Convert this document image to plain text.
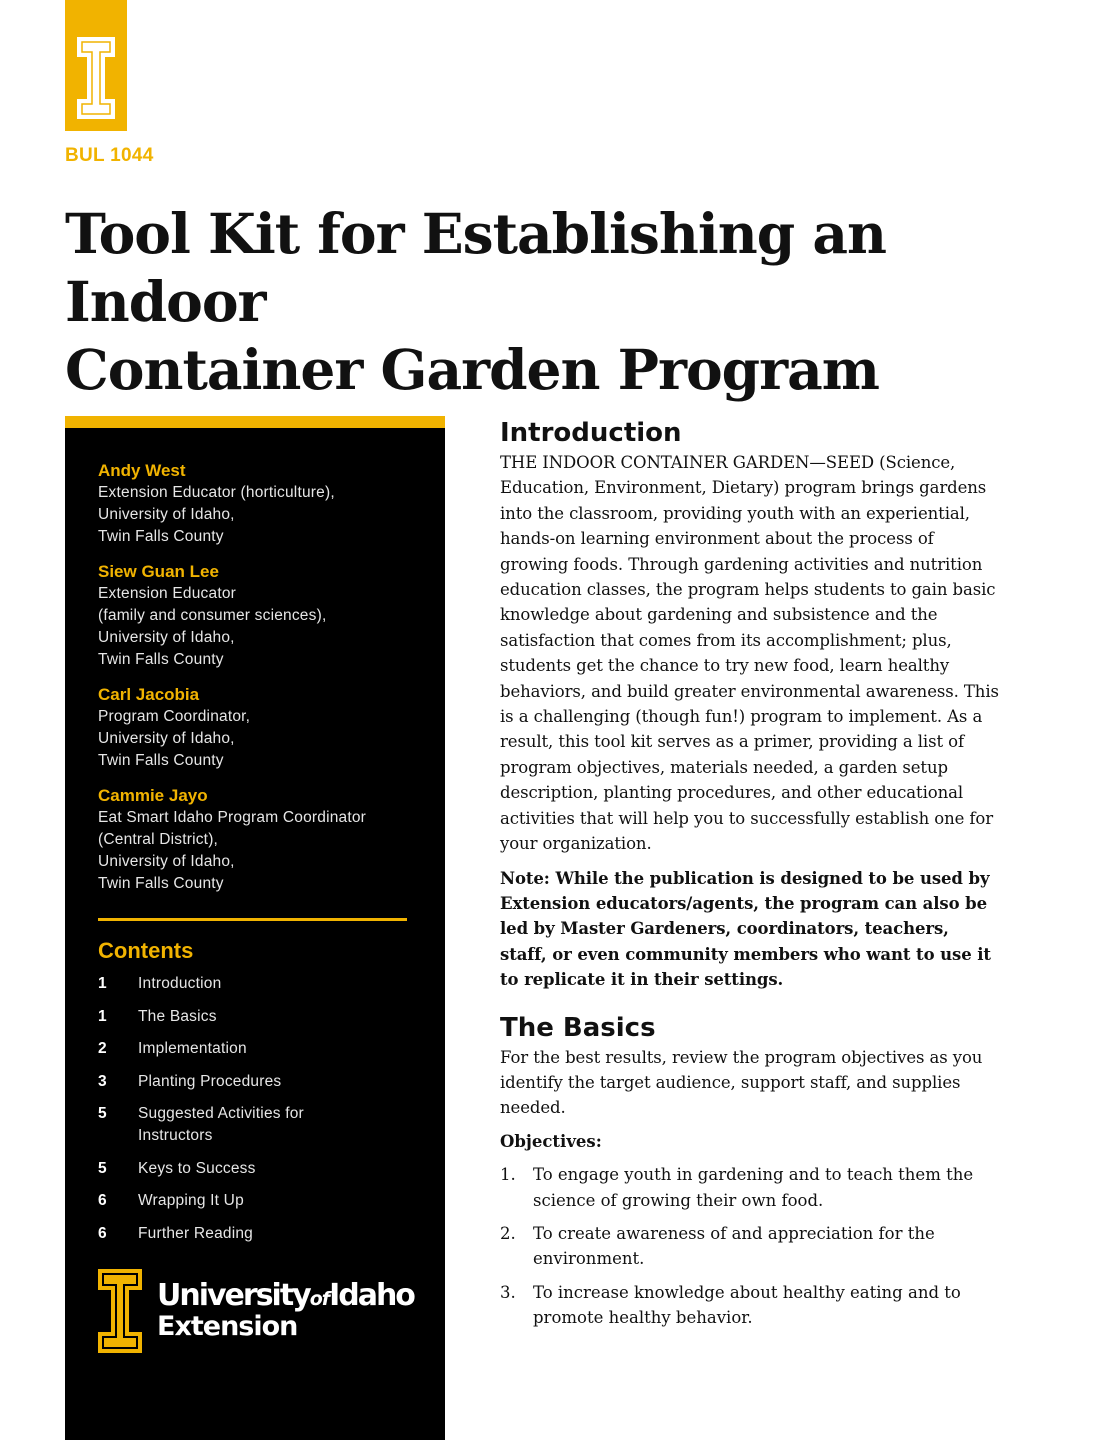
BUL 1044
Tool Kit for Establishing an Indoor
Container Garden Program
Andy West
Extension Educator (horticulture),
University of Idaho,
Twin Falls County
Siew Guan Lee
Extension Educator
(family and consumer sciences),
University of Idaho,
Twin Falls County
Carl Jacobia
Program Coordinator,
University of Idaho,
Twin Falls County
Cammie Jayo
Eat Smart Idaho Program Coordinator
(Central District),
University of Idaho,
Twin Falls County
Contents
1	Introduction
1	The Basics
2	Implementation
3	Planting Procedures
5	Suggested Activities for Instructors
5	Keys to Success
6	Wrapping It Up
6	Further Reading
UniversityofIdaho
Extension
Introduction

THE INDOOR CONTAINER GARDEN—SEED (Science, Education, Environment, Dietary) program brings gardens into the classroom, providing youth with an experiential, hands-on learning environment about the process of growing foods. Through gardening activities and nutrition education classes, the program helps students to gain basic knowledge about gardening and subsistence and the satisfaction that comes from its accomplishment; plus, students get the chance to try new food, learn healthy behaviors, and build greater environmental awareness. This is a challenging (though fun!) program to implement. As a result, this tool kit serves as a primer, providing a list of program objectives, materials needed, a garden setup description, planting procedures, and other educational activities that will help you to successfully establish one for your organization.

Note: While the publication is designed to be used by Extension educators/agents, the program can also be led by Master Gardeners, coordinators, teachers, staff, or even community members who want to use it to replicate it in their settings.

The Basics

For the best results, review the program objectives as you identify the target audience, support staff, and supplies needed.

Objectives:

1.	To engage youth in gardening and to teach them the science of growing their own food.
2.	To create awareness of and appreciation for the environment.
3.	To increase knowledge about healthy eating and to promote healthy behavior.
